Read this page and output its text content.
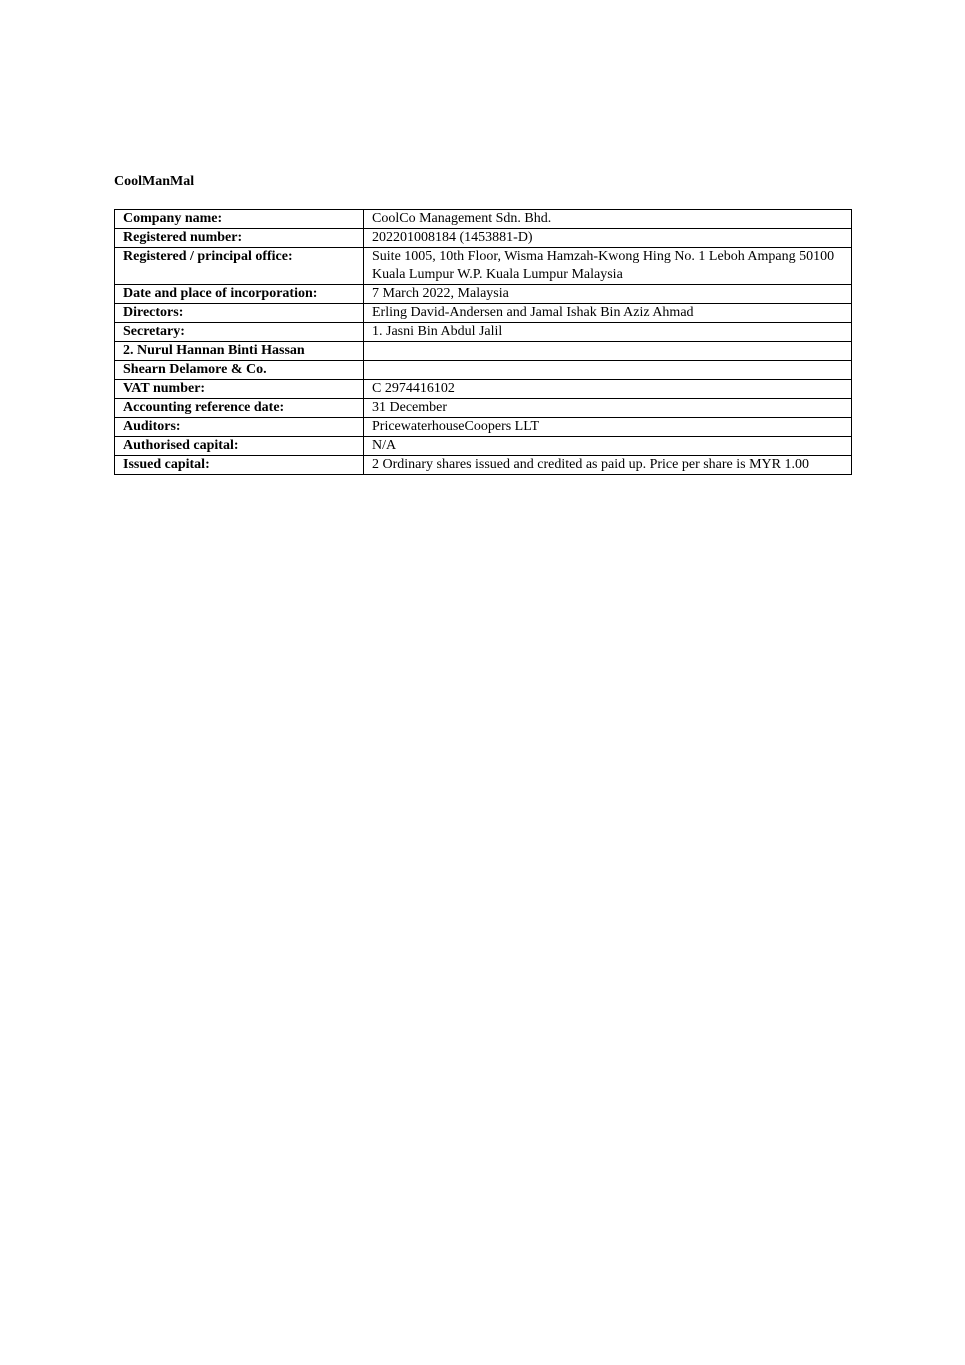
CoolManMal
Company name:	CoolCo Management Sdn. Bhd.
Registered number:	202201008184 (1453881-D)
Registered / principal office:	Suite 1005, 10th Floor, Wisma Hamzah-Kwong Hing No. 1 Leboh Ampang 50100 Kuala Lumpur W.P. Kuala Lumpur Malaysia
Date and place of incorporation:	7 March 2022, Malaysia
Directors:	Erling David-Andersen and Jamal Ishak Bin Aziz Ahmad
Secretary:	1. Jasni Bin Abdul Jalil
2. Nurul Hannan Binti Hassan	
Shearn Delamore & Co.	
VAT number:	C 2974416102
Accounting reference date:	31 December
Auditors:	PricewaterhouseCoopers LLT
Authorised capital:	N/A
Issued capital:	2 Ordinary shares issued and credited as paid up. Price per share is MYR 1.00
